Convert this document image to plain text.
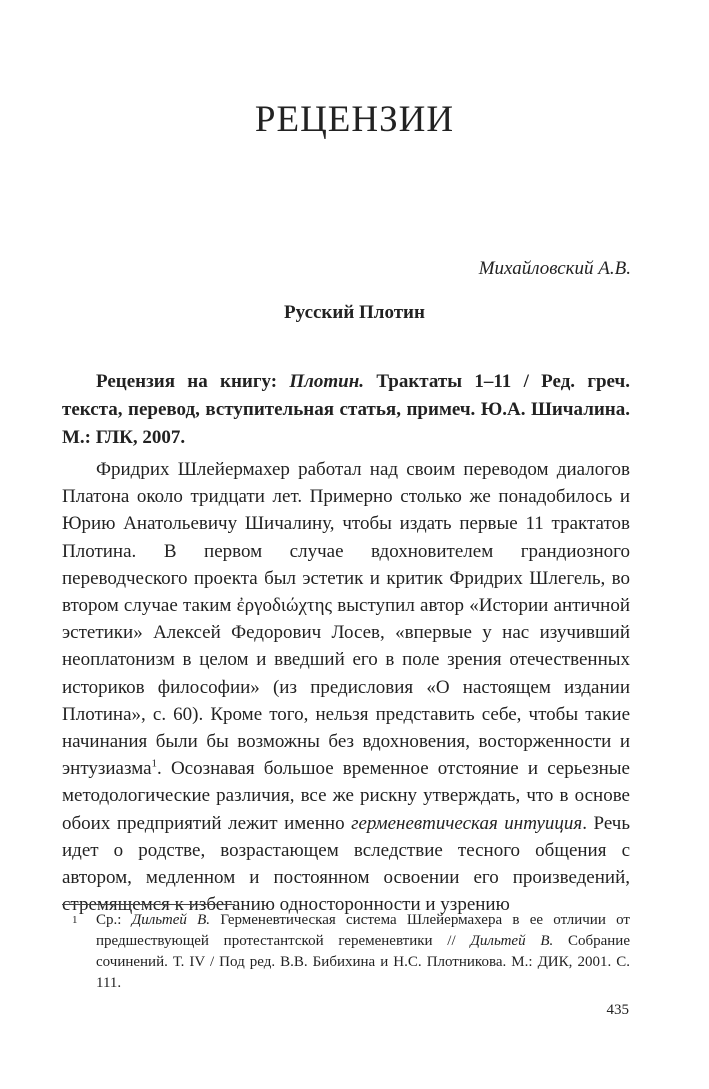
РЕЦЕНЗИИ

Михайловский А.В.

Русский Плотин

Рецензия на книгу: Плотин. Трактаты 1–11 / Ред. греч. текста, перевод, вступительная статья, примеч. Ю.А. Шичалина. М.: ГЛК, 2007.

Фридрих Шлейермахер работал над своим переводом диалогов Платона около тридцати лет. Примерно столько же понадобилось и Юрию Анатольевичу Шичалину, чтобы издать первые 11 трактатов Плотина. В первом случае вдохновителем грандиозного переводческого проекта был эстетик и критик Фридрих Шлегель, во втором случае таким ἐργοδιώχτης выступил автор «Истории античной эстетики» Алексей Федорович Лосев, «впервые у нас изучивший неоплатонизм в целом и введший его в поле зрения отечественных историков философии» (из предисловия «О настоящем издании Плотина», с. 60). Кроме того, нельзя представить себе, чтобы такие начинания были бы возможны без вдохновения, восторженности и энтузиазма$^1$. Осознавая большое временное отстояние и серьезные методологические различия, все же рискну утверждать, что в основе обоих предприятий лежит именно герменевтическая интуиция. Речь идет о родстве, возрастающем вследствие тесного общения с автором, медленном и постоянном освоении его произведений, стремящемся к избеганию односторонности и узрению

1 Ср.: Дильтей В. Герменевтическая система Шлейермахера в ее отличии от предшествующей протестантской геременевтики // Дильтей В. Собрание сочинений. Т. IV / Под ред. В.В. Бибихина и Н.С. Плотникова. М.: ДИК, 2001. С. 111.

435
